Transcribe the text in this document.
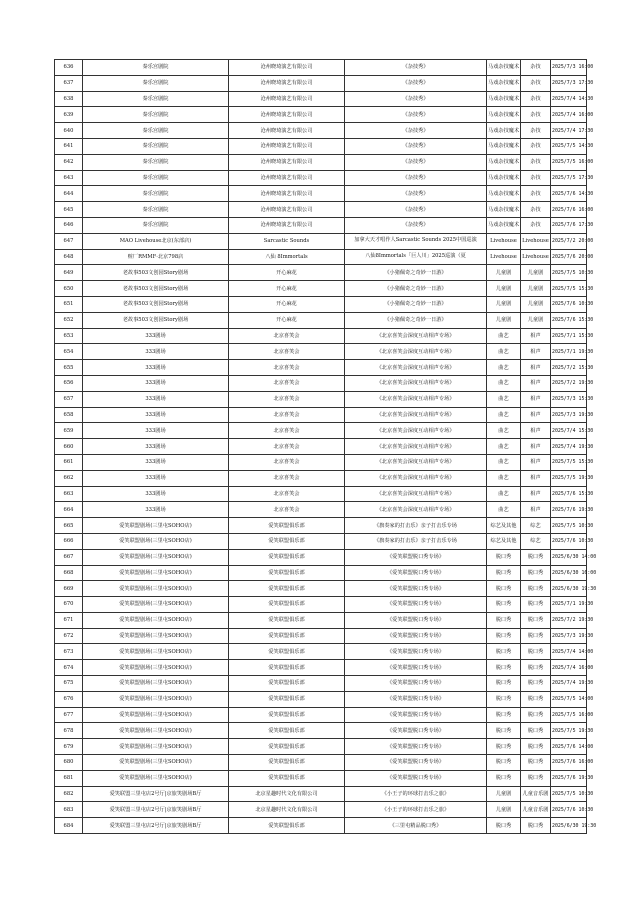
636	秦乐宫剧院	沧州晓琦演艺有限公司	《杂技秀》	马戏杂技魔术	杂技	2025/7/3 16:00
637	秦乐宫剧院	沧州晓琦演艺有限公司	《杂技秀》	马戏杂技魔术	杂技	2025/7/3 17:30
638	秦乐宫剧院	沧州晓琦演艺有限公司	《杂技秀》	马戏杂技魔术	杂技	2025/7/4 14:30
639	秦乐宫剧院	沧州晓琦演艺有限公司	《杂技秀》	马戏杂技魔术	杂技	2025/7/4 16:00
640	秦乐宫剧院	沧州晓琦演艺有限公司	《杂技秀》	马戏杂技魔术	杂技	2025/7/4 17:30
641	秦乐宫剧院	沧州晓琦演艺有限公司	《杂技秀》	马戏杂技魔术	杂技	2025/7/5 14:30
642	秦乐宫剧院	沧州晓琦演艺有限公司	《杂技秀》	马戏杂技魔术	杂技	2025/7/5 16:00
643	秦乐宫剧院	沧州晓琦演艺有限公司	《杂技秀》	马戏杂技魔术	杂技	2025/7/5 17:30
644	秦乐宫剧院	沧州晓琦演艺有限公司	《杂技秀》	马戏杂技魔术	杂技	2025/7/6 14:30
645	秦乐宫剧院	沧州晓琦演艺有限公司	《杂技秀》	马戏杂技魔术	杂技	2025/7/6 16:00
646	秦乐宫剧院	沧州晓琦演艺有限公司	《杂技秀》	马戏杂技魔术	杂技	2025/7/6 17:30
647	MAO Livehouse北京(东部店)	Sarcastic Sounds	加拿大天才唱作人Sarcastic Sounds 2025中国巡演	Livehouse	Livehouse	2025/7/2 20:00
648	赃厂RMMF·北京798店	八仙 8Immortals	八仙8Immortals「巨人川」2025巡演（夏	Livehouse	Livehouse	2025/7/6 20:00
649	老故事503文创园Story剧场	开心麻花	《小猪佩奇之奇妙一日游》	儿童剧	儿童剧	2025/7/5 10:30
650	老故事503文创园Story剧场	开心麻花	《小猪佩奇之奇妙一日游》	儿童剧	儿童剧	2025/7/5 15:30
651	老故事503文创园Story剧场	开心麻花	《小猪佩奇之奇妙一日游》	儿童剧	儿童剧	2025/7/6 10:30
652	老故事503文创园Story剧场	开心麻花	《小猪佩奇之奇妙一日游》	儿童剧	儿童剧	2025/7/6 15:30
653	333剧场	北京喜笑会	《北京喜笑会深度互动相声专场》	曲艺	相声	2025/7/1 15:30
654	333剧场	北京喜笑会	《北京喜笑会深度互动相声专场》	曲艺	相声	2025/7/1 19:30
655	333剧场	北京喜笑会	《北京喜笑会深度互动相声专场》	曲艺	相声	2025/7/2 15:30
656	333剧场	北京喜笑会	《北京喜笑会深度互动相声专场》	曲艺	相声	2025/7/2 19:30
657	333剧场	北京喜笑会	《北京喜笑会深度互动相声专场》	曲艺	相声	2025/7/3 15:30
658	333剧场	北京喜笑会	《北京喜笑会深度互动相声专场》	曲艺	相声	2025/7/3 19:30
659	333剧场	北京喜笑会	《北京喜笑会深度互动相声专场》	曲艺	相声	2025/7/4 15:30
660	333剧场	北京喜笑会	《北京喜笑会深度互动相声专场》	曲艺	相声	2025/7/4 19:30
661	333剧场	北京喜笑会	《北京喜笑会深度互动相声专场》	曲艺	相声	2025/7/5 15:30
662	333剧场	北京喜笑会	《北京喜笑会深度互动相声专场》	曲艺	相声	2025/7/5 19:30
663	333剧场	北京喜笑会	《北京喜笑会深度互动相声专场》	曲艺	相声	2025/7/6 15:30
664	333剧场	北京喜笑会	《北京喜笑会深度互动相声专场》	曲艺	相声	2025/7/6 19:30
665	爱笑联盟剧场(三里屯SOHO店)	爱笑联盟俱乐部	《旗奏家的打击乐》亲子打击乐专场	综艺及其他	综艺	2025/7/5 10:30
666	爱笑联盟剧场(三里屯SOHO店)	爱笑联盟俱乐部	《旗奏家的打击乐》亲子打击乐专场	综艺及其他	综艺	2025/7/6 10:30
667	爱笑联盟剧场(三里屯SOHO店)	爱笑联盟俱乐部	《爱笑联盟脱口秀专场》	脱口秀	脱口秀	2025/6/30 14:00
668	爱笑联盟剧场(三里屯SOHO店)	爱笑联盟俱乐部	《爱笑联盟脱口秀专场》	脱口秀	脱口秀	2025/6/30 16:00
669	爱笑联盟剧场(三里屯SOHO店)	爱笑联盟俱乐部	《爱笑联盟脱口秀专场》	脱口秀	脱口秀	2025/6/30 19:30
670	爱笑联盟剧场(三里屯SOHO店)	爱笑联盟俱乐部	《爱笑联盟脱口秀专场》	脱口秀	脱口秀	2025/7/1 19:30
671	爱笑联盟剧场(三里屯SOHO店)	爱笑联盟俱乐部	《爱笑联盟脱口秀专场》	脱口秀	脱口秀	2025/7/2 19:30
672	爱笑联盟剧场(三里屯SOHO店)	爱笑联盟俱乐部	《爱笑联盟脱口秀专场》	脱口秀	脱口秀	2025/7/3 19:30
673	爱笑联盟剧场(三里屯SOHO店)	爱笑联盟俱乐部	《爱笑联盟脱口秀专场》	脱口秀	脱口秀	2025/7/4 14:00
674	爱笑联盟剧场(三里屯SOHO店)	爱笑联盟俱乐部	《爱笑联盟脱口秀专场》	脱口秀	脱口秀	2025/7/4 16:00
675	爱笑联盟剧场(三里屯SOHO店)	爱笑联盟俱乐部	《爱笑联盟脱口秀专场》	脱口秀	脱口秀	2025/7/4 19:30
676	爱笑联盟剧场(三里屯SOHO店)	爱笑联盟俱乐部	《爱笑联盟脱口秀专场》	脱口秀	脱口秀	2025/7/5 14:00
677	爱笑联盟剧场(三里屯SOHO店)	爱笑联盟俱乐部	《爱笑联盟脱口秀专场》	脱口秀	脱口秀	2025/7/5 16:00
678	爱笑联盟剧场(三里屯SOHO店)	爱笑联盟俱乐部	《爱笑联盟脱口秀专场》	脱口秀	脱口秀	2025/7/5 19:30
679	爱笑联盟剧场(三里屯SOHO店)	爱笑联盟俱乐部	《爱笑联盟脱口秀专场》	脱口秀	脱口秀	2025/7/6 14:00
680	爱笑联盟剧场(三里屯SOHO店)	爱笑联盟俱乐部	《爱笑联盟脱口秀专场》	脱口秀	脱口秀	2025/7/6 16:00
681	爱笑联盟剧场(三里屯SOHO店)	爱笑联盟俱乐部	《爱笑联盟脱口秀专场》	脱口秀	脱口秀	2025/7/6 19:30
682	爱笑联盟三里屯店2号厅|京旅笑剧场B厅	北京星趣时代文化有限公司	《小王子的环球打击乐之旅》	儿童剧	儿童音乐剧	2025/7/5 10:30
683	爱笑联盟三里屯店2号厅|京旅笑剧场B厅	北京星趣时代文化有限公司	《小王子的环球打击乐之旅》	儿童剧	儿童音乐剧	2025/7/6 10:30
684	爱笑联盟三里屯店2号厅|京旅笑剧场B厅	爱笑联盟俱乐部	《三里屯精品脱口秀》	脱口秀	脱口秀	2025/6/30 19:30
